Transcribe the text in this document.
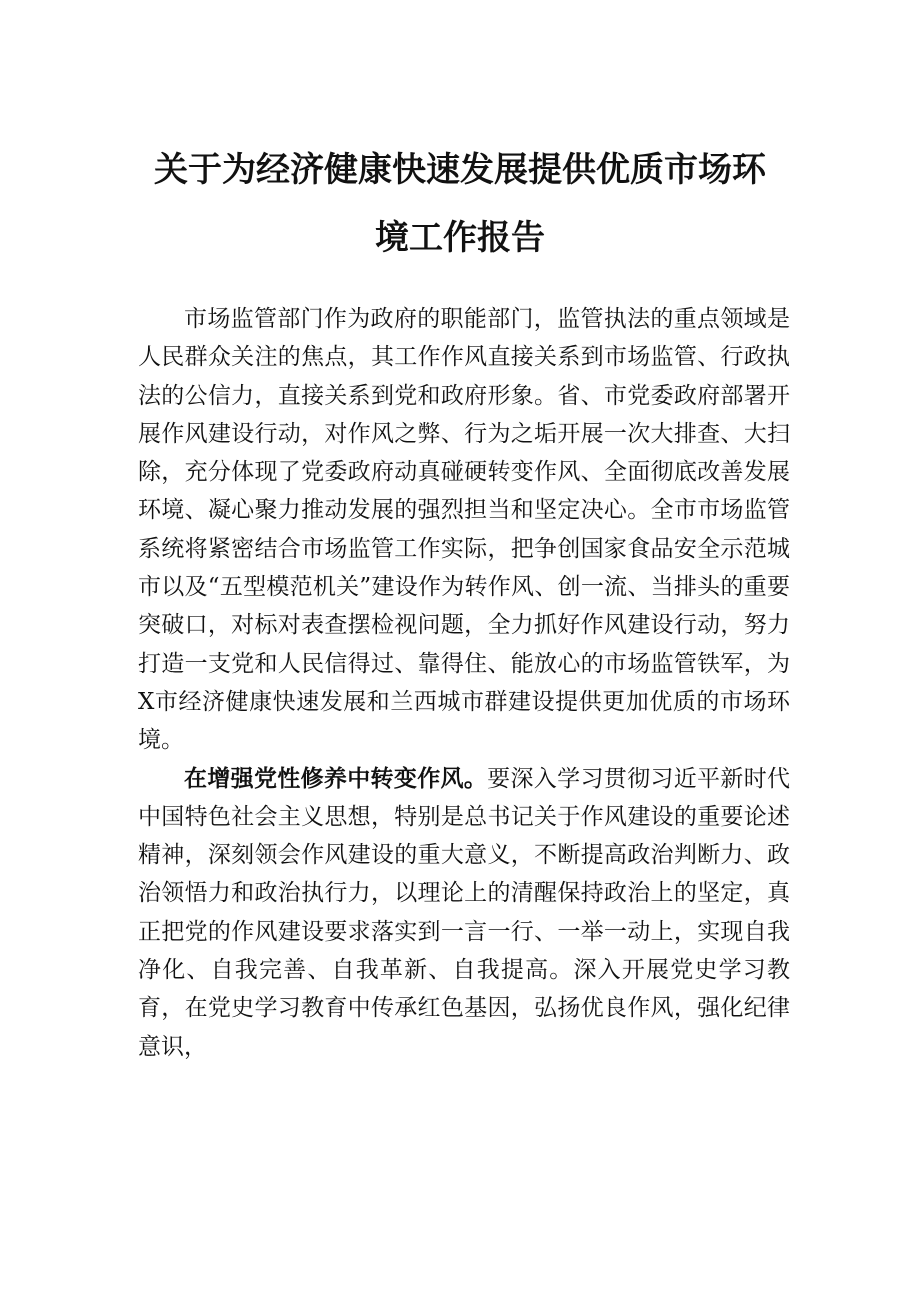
关于为经济健康快速发展提供优质市场环
境工作报告

市场监管部门作为政府的职能部门，监管执法的重点领域是人民群众关注的焦点，其工作作风直接关系到市场监管、行政执法的公信力，直接关系到党和政府形象。省、市党委政府部署开展作风建设行动，对作风之弊、行为之垢开展一次大排查、大扫除，充分体现了党委政府动真碰硬转变作风、全面彻底改善发展环境、凝心聚力推动发展的强烈担当和坚定决心。全市市场监管系统将紧密结合市场监管工作实际，把争创国家食品安全示范城市以及“五型模范机关”建设作为转作风、创一流、当排头的重要突破口，对标对表查摆检视问题，全力抓好作风建设行动，努力打造一支党和人民信得过、靠得住、能放心的市场监管铁军，为X市经济健康快速发展和兰西城市群建设提供更加优质的市场环境。

在增强党性修养中转变作风。要深入学习贯彻习近平新时代中国特色社会主义思想，特别是总书记关于作风建设的重要论述精神，深刻领会作风建设的重大意义，不断提高政治判断力、政治领悟力和政治执行力，以理论上的清醒保持政治上的坚定，真正把党的作风建设要求落实到一言一行、一举一动上，实现自我净化、自我完善、自我革新、自我提高。深入开展党史学习教育，在党史学习教育中传承红色基因，弘扬优良作风，强化纪律意识，
